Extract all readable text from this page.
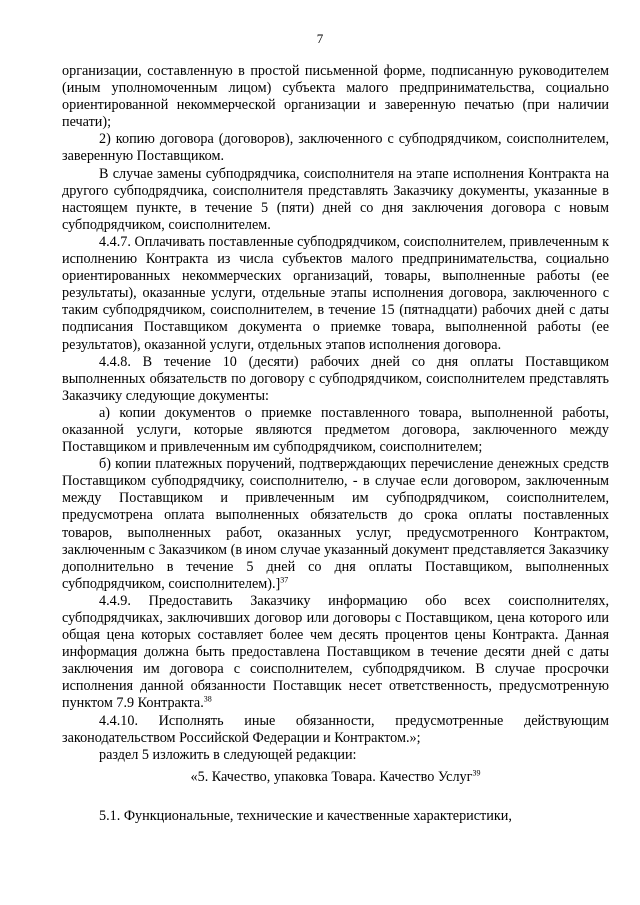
7

организации, составленную в простой письменной форме, подписанную руководителем (иным уполномоченным лицом) субъекта малого предпринимательства, социально ориентированной некоммерческой организации и заверенную печатью (при наличии печати);

2) копию договора (договоров), заключенного с субподрядчиком, соисполнителем, заверенную Поставщиком.

В случае замены субподрядчика, соисполнителя на этапе исполнения Контракта на другого субподрядчика, соисполнителя представлять Заказчику документы, указанные в настоящем пункте, в течение 5 (пяти) дней со дня заключения договора с новым субподрядчиком, соисполнителем.

4.4.7. Оплачивать поставленные субподрядчиком, соисполнителем, привлеченным к исполнению Контракта из числа субъектов малого предпринимательства, социально ориентированных некоммерческих организаций, товары, выполненные работы (ее результаты), оказанные услуги, отдельные этапы исполнения договора, заключенного с таким субподрядчиком, соисполнителем, в течение 15 (пятнадцати) рабочих дней с даты подписания Поставщиком документа о приемке товара, выполненной работы (ее результатов), оказанной услуги, отдельных этапов исполнения договора.

4.4.8. В течение 10 (десяти) рабочих дней со дня оплаты Поставщиком выполненных обязательств по договору с субподрядчиком, соисполнителем представлять Заказчику следующие документы:

а) копии документов о приемке поставленного товара, выполненной работы, оказанной услуги, которые являются предметом договора, заключенного между Поставщиком и привлеченным им субподрядчиком, соисполнителем;

б) копии платежных поручений, подтверждающих перечисление денежных средств Поставщиком субподрядчику, соисполнителю, - в случае если договором, заключенным между Поставщиком и привлеченным им субподрядчиком, соисполнителем, предусмотрена оплата выполненных обязательств до срока оплаты поставленных товаров, выполненных работ, оказанных услуг, предусмотренного Контрактом, заключенным с Заказчиком (в ином случае указанный документ представляется Заказчику дополнительно в течение 5 дней со дня оплаты Поставщиком, выполненных субподрядчиком, соисполнителем).]$^{37}$

4.4.9. Предоставить Заказчику информацию обо всех соисполнителях, субподрядчиках, заключивших договор или договоры с Поставщиком, цена которого или общая цена которых составляет более чем десять процентов цены Контракта. Данная информация должна быть предоставлена Поставщиком в течение десяти дней с даты заключения им договора с соисполнителем, субподрядчиком. В случае просрочки исполнения данной обязанности Поставщик несет ответственность, предусмотренную пунктом 7.9 Контракта.$^{38}$

4.4.10. Исполнять иные обязанности, предусмотренные действующим законодательством Российской Федерации и Контрактом.»;

раздел 5 изложить в следующей редакции:

«5. Качество, упаковка Товара. Качество Услуг$^{39}$

5.1. Функциональные, технические и качественные характеристики,
